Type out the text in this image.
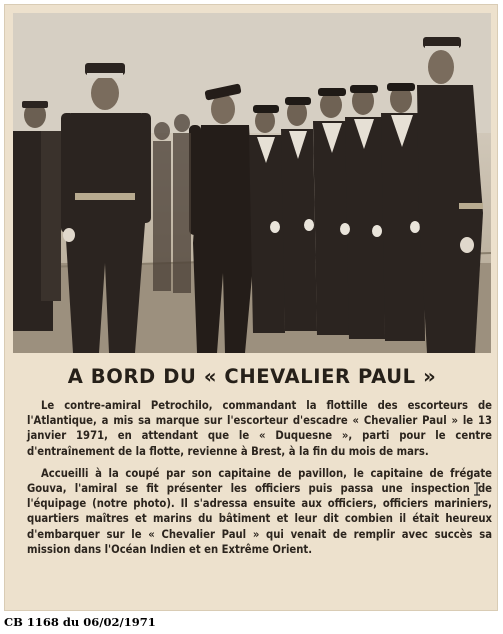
A BORD DU « CHEVALIER PAUL »

Le contre-amiral Petrochilo, commandant la flottille des escorteurs de l'Atlantique, a mis sa marque sur l'escorteur d'escadre « Chevalier Paul » le 13 janvier 1971, en attendant que le « Duquesne », parti pour le centre d'entraînement de la flotte, revienne à Brest, à la fin du mois de mars.

Accueilli à la coupé par son capitaine de pavillon, le capitaine de frégate Gouva, l'amiral se fit présenter les officiers puis passa une inspection de l'équipage (notre photo). Il s'adressa ensuite aux officiers, officiers mariniers, quartiers maîtres et marins du bâtiment et leur dit combien il était heureux d'embarquer sur le « Chevalier Paul » qui venait de remplir avec succès sa mission dans l'Océan Indien et en Extrême Orient.

CB 1168 du 06/02/1971
